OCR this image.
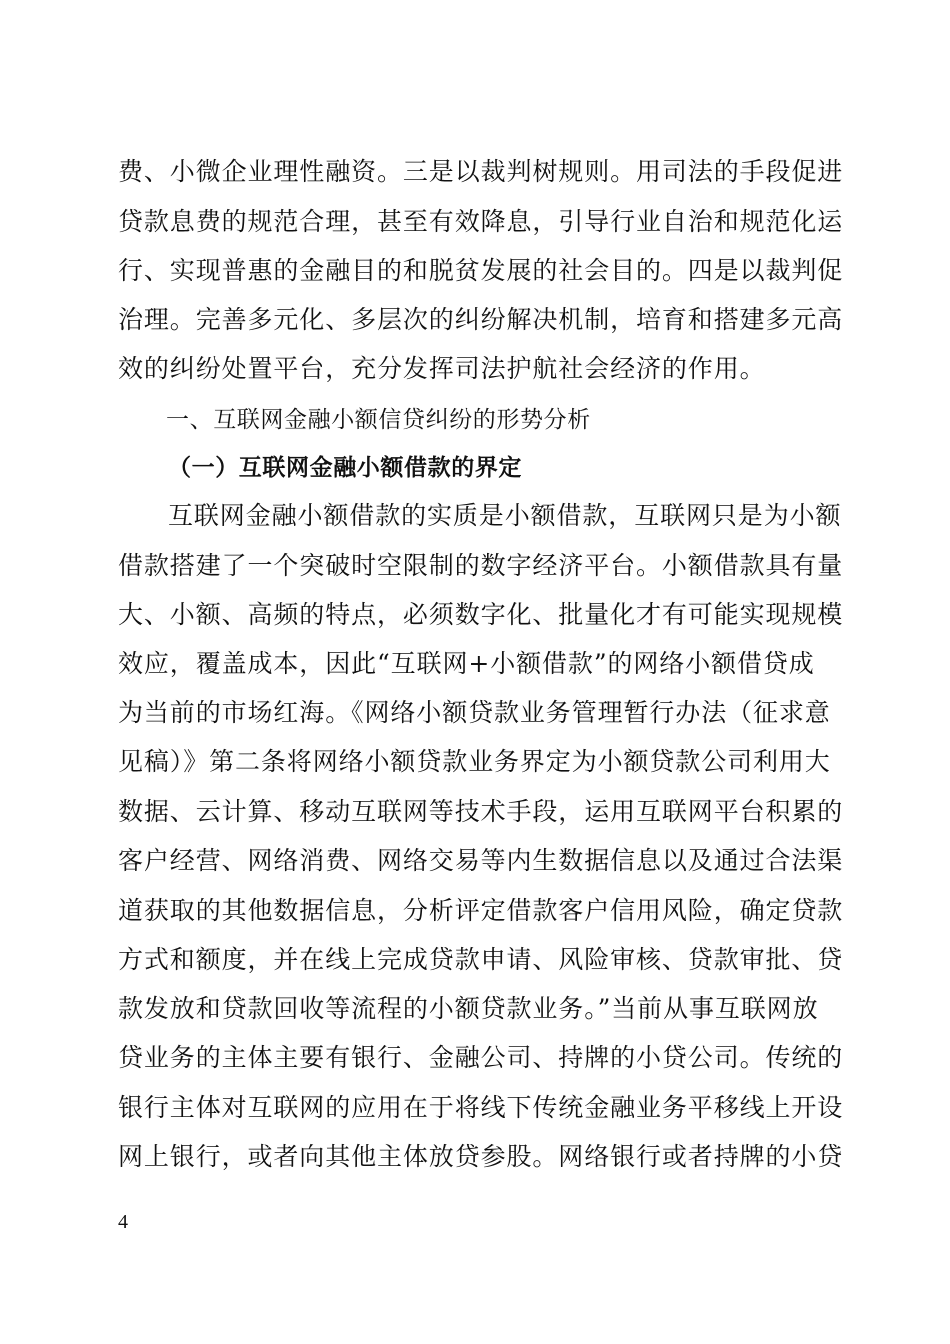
费、小微企业理性融资。三是以裁判树规则。用司法的手段促进
贷款息费的规范合理，甚至有效降息，引导行业自治和规范化运
行、实现普惠的金融目的和脱贫发展的社会目的。四是以裁判促
治理。完善多元化、多层次的纠纷解决机制，培育和搭建多元高
效的纠纷处置平台，充分发挥司法护航社会经济的作用。
一、互联网金融小额信贷纠纷的形势分析
（一）互联网金融小额借款的界定
互联网金融小额借款的实质是小额借款，互联网只是为小额
借款搭建了一个突破时空限制的数字经济平台。小额借款具有量
大、小额、高频的特点，必须数字化、批量化才有可能实现规模
效应，覆盖成本，因此“互联网+小额借款”的网络小额借贷成
为当前的市场红海。《网络小额贷款业务管理暂行办法（征求意
见稿）》第二条将网络小额贷款业务界定为小额贷款公司利用大
数据、云计算、移动互联网等技术手段，运用互联网平台积累的
客户经营、网络消费、网络交易等内生数据信息以及通过合法渠
道获取的其他数据信息，分析评定借款客户信用风险，确定贷款
方式和额度，并在线上完成贷款申请、风险审核、贷款审批、贷
款发放和贷款回收等流程的小额贷款业务。”当前从事互联网放
贷业务的主体主要有银行、金融公司、持牌的小贷公司。传统的
银行主体对互联网的应用在于将线下传统金融业务平移线上开设
网上银行，或者向其他主体放贷参股。网络银行或者持牌的小贷
4
